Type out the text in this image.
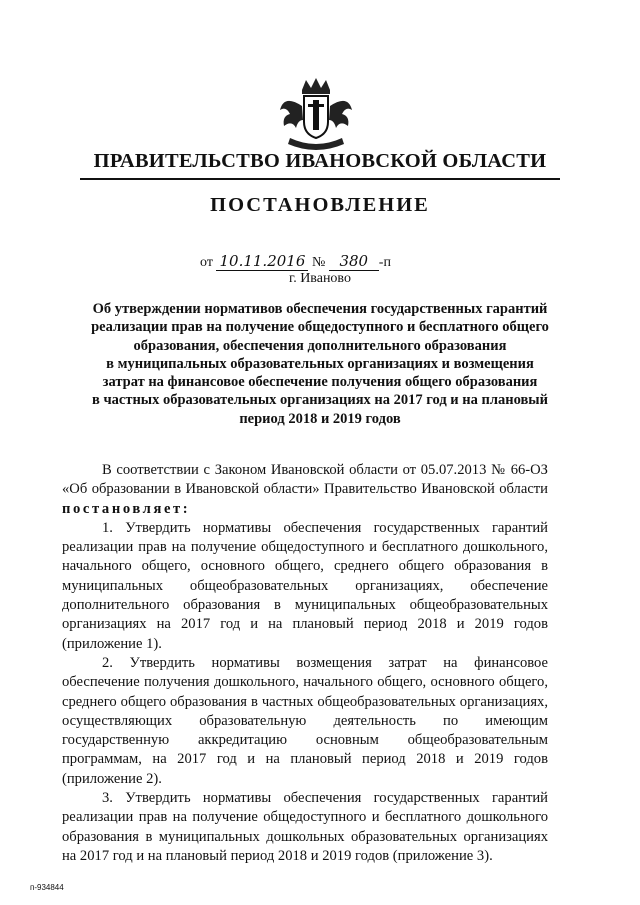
ПРАВИТЕЛЬСТВО ИВАНОВСКОЙ ОБЛАСТИ
ПОСТАНОВЛЕНИЕ
от 10.11.2016 № 380 -п
г. Иваново
Об утверждении нормативов обеспечения государственных гарантий
реализации прав на получение общедоступного и бесплатного общего
образования, обеспечения дополнительного образования
в муниципальных образовательных организациях и возмещения
затрат на финансовое обеспечение получения общего образования
в частных образовательных организациях на 2017 год и на плановый
период 2018 и 2019 годов

В соответствии с Законом Ивановской области от 05.07.2013 № 66-ОЗ «Об образовании в Ивановской области» Правительство Ивановской области постановляет:

1. Утвердить нормативы обеспечения государственных гарантий реализации прав на получение общедоступного и бесплатного дошкольного, начального общего, основного общего, среднего общего образования в муниципальных общеобразовательных организациях, обеспечение дополнительного образования в муниципальных общеобразовательных организациях на 2017 год и на плановый период 2018 и 2019 годов (приложение 1).

2. Утвердить нормативы возмещения затрат на финансовое обеспечение получения дошкольного, начального общего, основного общего, среднего общего образования в частных общеобразовательных организациях, осуществляющих образовательную деятельность по имеющим государственную аккредитацию основным общеобразовательным программам, на 2017 год и на плановый период 2018 и 2019 годов (приложение 2).

3. Утвердить нормативы обеспечения государственных гарантий реализации прав на получение общедоступного и бесплатного дошкольного образования в муниципальных дошкольных образовательных организациях на 2017 год и на плановый период 2018 и 2019 годов (приложение 3).

п-934844
